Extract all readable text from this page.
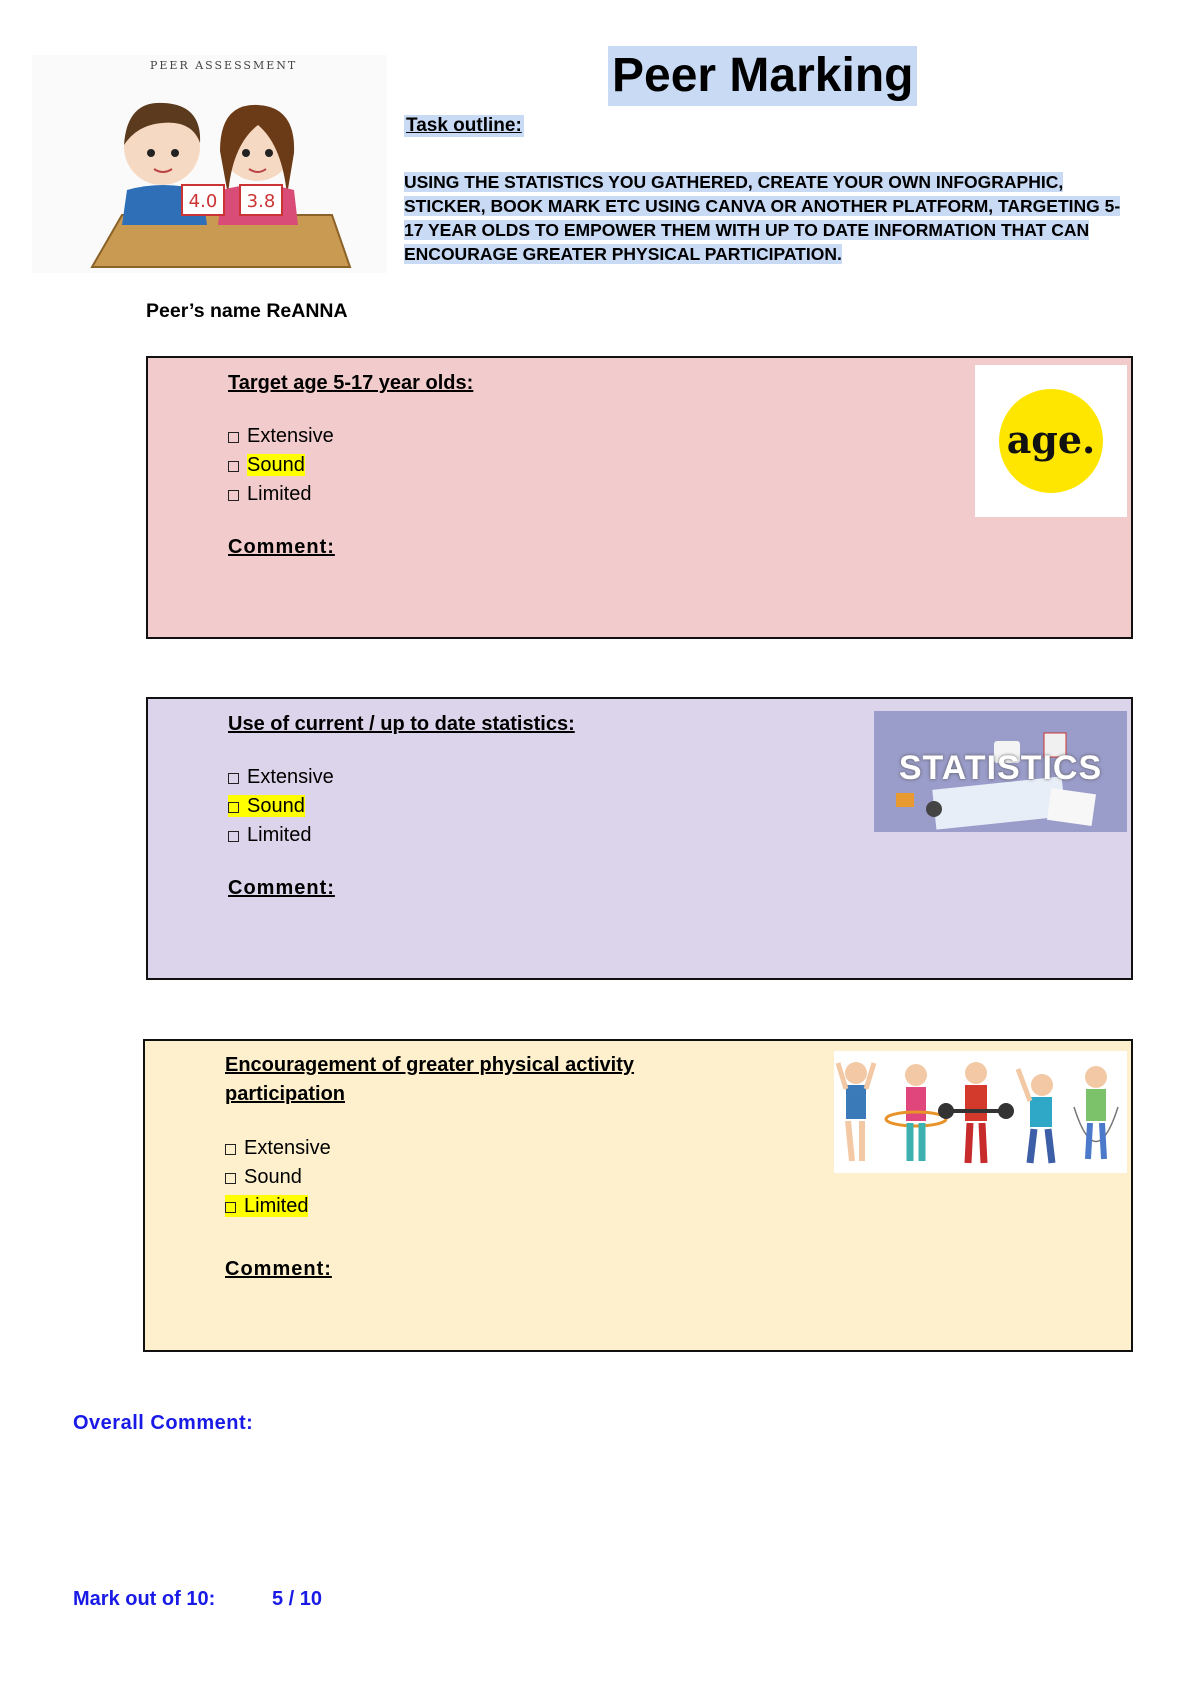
PEER ASSESSMENT
4.0 3.8
Peer Marking
Task outline:
USING THE STATISTICS YOU GATHERED, CREATE YOUR OWN INFOGRAPHIC, STICKER, BOOK MARK ETC USING CANVA OR ANOTHER PLATFORM, TARGETING 5-17 YEAR OLDS TO EMPOWER THEM WITH UP TO DATE INFORMATION THAT CAN ENCOURAGE GREATER PHYSICAL PARTICIPATION.
Peer’s name ReANNA
Target age 5-17 year olds:
Extensive
Sound
Limited
Comment:
age.
Use of current / up to date statistics:
Extensive
Sound
Limited
Comment:
STATISTICS
Encouragement of greater physical activity
participation
Extensive
Sound
Limited
Comment:
Overall Comment:
Mark out of 10:	5 / 10
